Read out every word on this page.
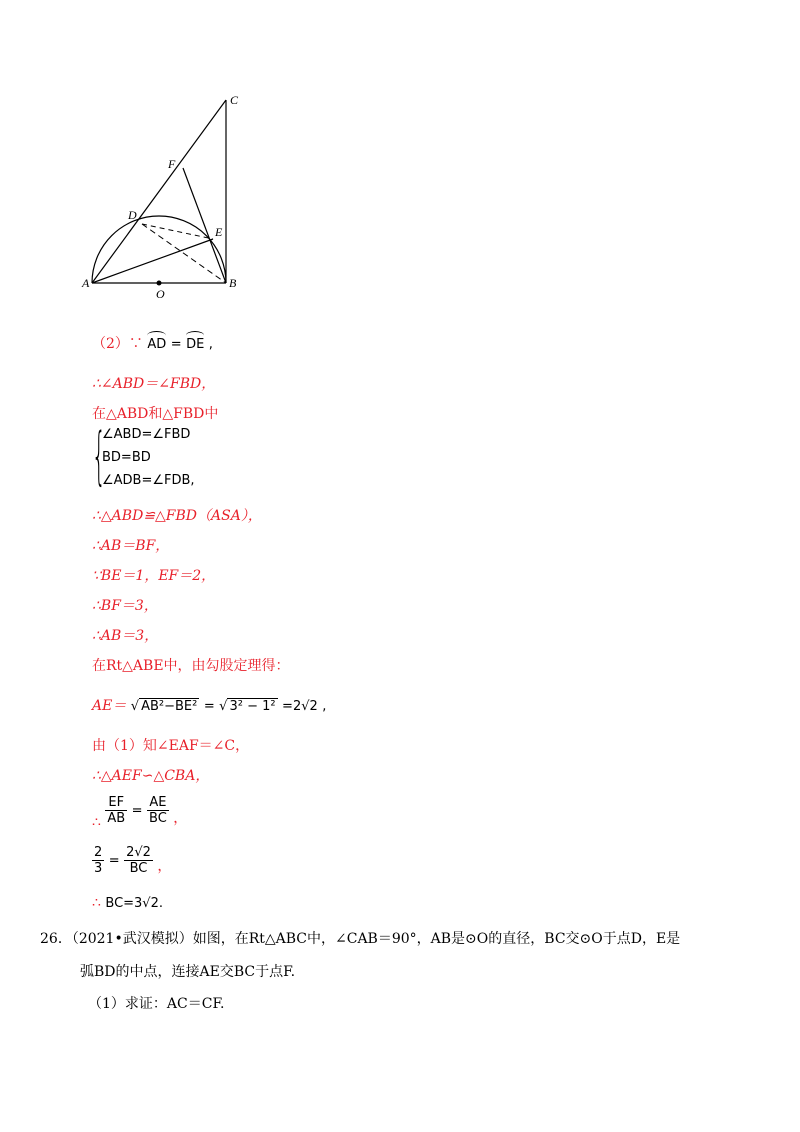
A	B
C
D
E
F
O
（2）∵ AD = DE ,
∴∠ABD＝∠FBD，
在△ABD和△FBD中
{
∠ABD=∠FBD
BD=BD
∠ADB=∠FDB,
∴△ABD≌△FBD（ASA），
∴AB＝BF，
∵BE＝1，EF＝2，
∴BF＝3，
∴AB＝3，
在Rt△ABE中，由勾股定理得：
AE＝ √ AB²−BE² = √ 3² − 1² =2√2 ,
由（1）知∠EAF＝∠C，
∴△AEF∽△CBA，
∴ $\frac{EF}{AB} = \frac{AE}{BC}$ ，
$\frac{2}{3} = \frac{2√2}{BC}$ ，
∴ BC=3√2.
26．（2021•武汉模拟）如图，在Rt△ABC中，∠CAB＝90°，AB是⊙O的直径，BC交⊙O于点D，E是
弧BD的中点，连接AE交BC于点F.
（1）求证：AC＝CF.
